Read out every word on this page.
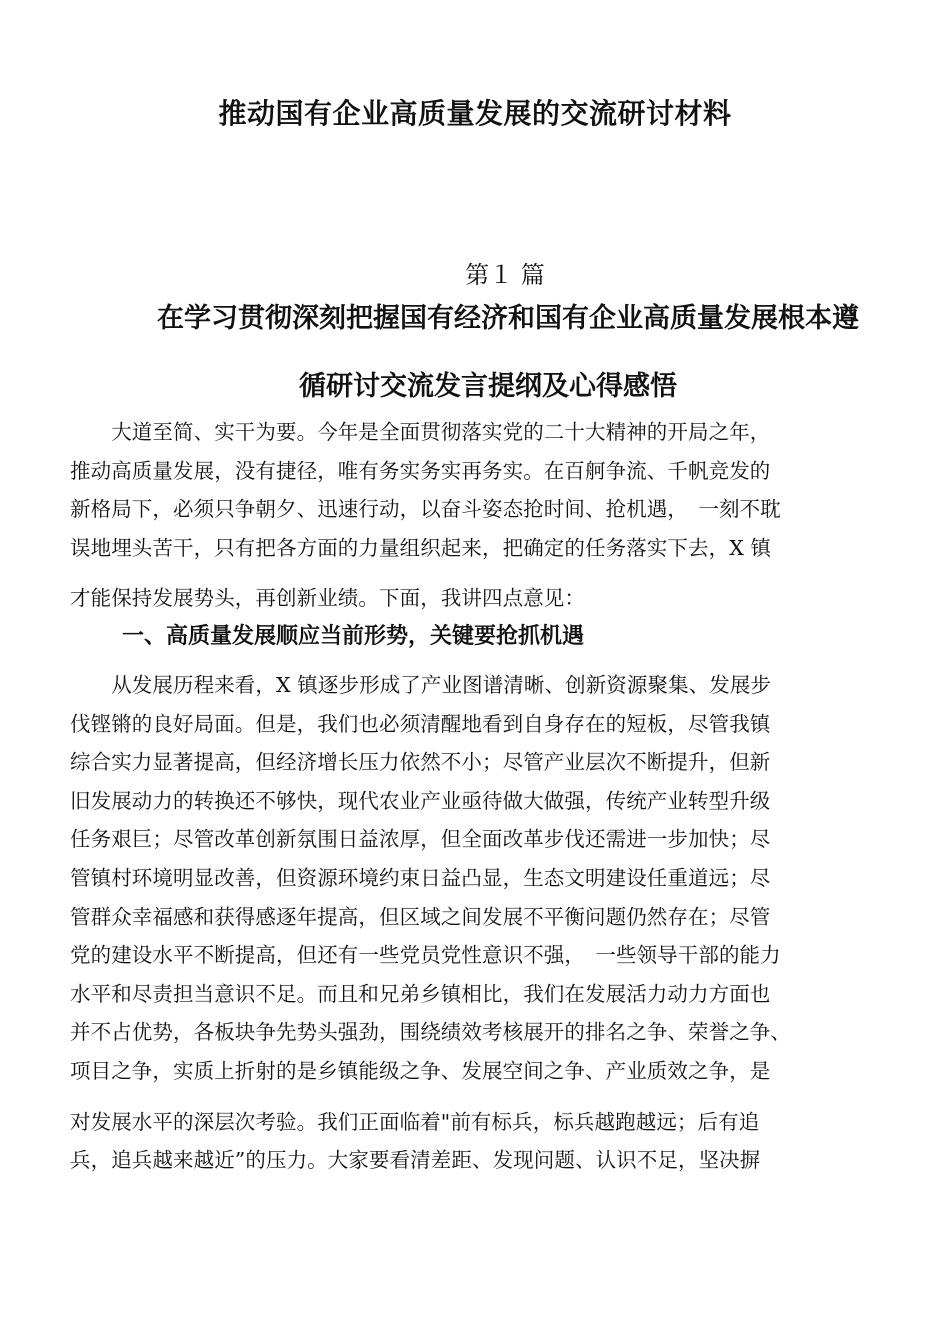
推动国有企业高质量发展的交流研讨材料
第１ 篇
在学习贯彻深刻把握国有经济和国有企业高质量发展根本遵
循研讨交流发言提纲及心得感悟
　　大道至简、实干为要。今年是全面贯彻落实党的二十大精神的开局之年，
推动高质量发展，没有捷径，唯有务实务实再务实。在百舸争流、千帆竞发的
新格局下，必须只争朝夕、迅速行动，以奋斗姿态抢时间、抢机遇，　一刻不耽
误地埋头苦干，只有把各方面的力量组织起来，把确定的任务落实下去，X 镇
才能保持发展势头，再创新业绩。下面，我讲四点意见：
一、高质量发展顺应当前形势，关键要抢抓机遇
　　从发展历程来看，X 镇逐步形成了产业图谱清晰、创新资源聚集、发展步
伐铿锵的良好局面。但是，我们也必须清醒地看到自身存在的短板，尽管我镇
综合实力显著提高，但经济增长压力依然不小；尽管产业层次不断提升，但新
旧发展动力的转换还不够快，现代农业产业亟待做大做强，传统产业转型升级
任务艰巨；尽管改革创新氛围日益浓厚，但全面改革步伐还需进一步加快；尽
管镇村环境明显改善，但资源环境约束日益凸显，生态文明建设任重道远；尽
管群众幸福感和获得感逐年提高，但区域之间发展不平衡问题仍然存在；尽管
党的建设水平不断提高，但还有一些党员党性意识不强，　一些领导干部的能力
水平和尽责担当意识不足。而且和兄弟乡镇相比，我们在发展活力动力方面也
并不占优势，各板块争先势头强劲，围绕绩效考核展开的排名之争、荣誉之争、
项目之争，实质上折射的是乡镇能级之争、发展空间之争、产业质效之争，是
对发展水平的深层次考验。我们正面临着"前有标兵，标兵越跑越远；后有追
兵，追兵越来越近”的压力。大家要看清差距、发现问题、认识不足，坚决摒
